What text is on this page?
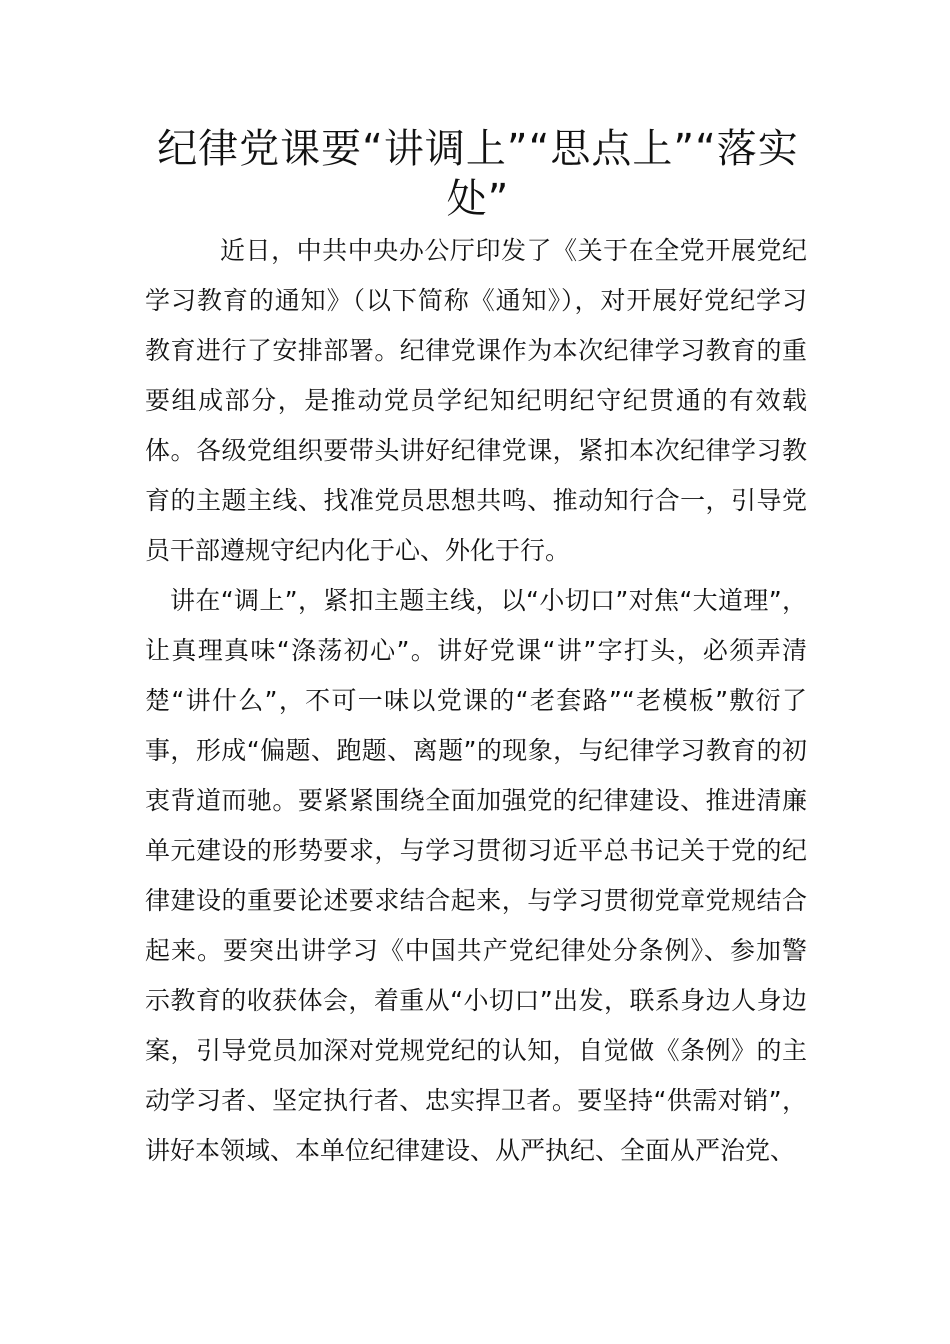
纪律党课要“讲调上”“思点上”“落实处”

近日，中共中央办公厅印发了《关于在全党开展党纪学习教育的通知》（以下简称《通知》），对开展好党纪学习教育进行了安排部署。纪律党课作为本次纪律学习教育的重要组成部分，是推动党员学纪知纪明纪守纪贯通的有效载体。各级党组织要带头讲好纪律党课，紧扣本次纪律学习教育的主题主线、找准党员思想共鸣、推动知行合一，引导党员干部遵规守纪内化于心、外化于行。

讲在“调上”，紧扣主题主线，以“小切口”对焦“大道理”，让真理真味“涤荡初心”。讲好党课“讲”字打头，必须弄清楚“讲什么”，不可一味以党课的“老套路”“老模板”敷衍了事，形成“偏题、跑题、离题”的现象，与纪律学习教育的初衷背道而驰。要紧紧围绕全面加强党的纪律建设、推进清廉单元建设的形势要求，与学习贯彻习近平总书记关于党的纪律建设的重要论述要求结合起来，与学习贯彻党章党规结合起来。要突出讲学习《中国共产党纪律处分条例》、参加警示教育的收获体会，着重从“小切口”出发，联系身边人身边案，引导党员加深对党规党纪的认知，自觉做《条例》的主动学习者、坚定执行者、忠实捍卫者。要坚持“供需对销”，讲好本领域、本单位纪律建设、从严执纪、全面从严治党、
